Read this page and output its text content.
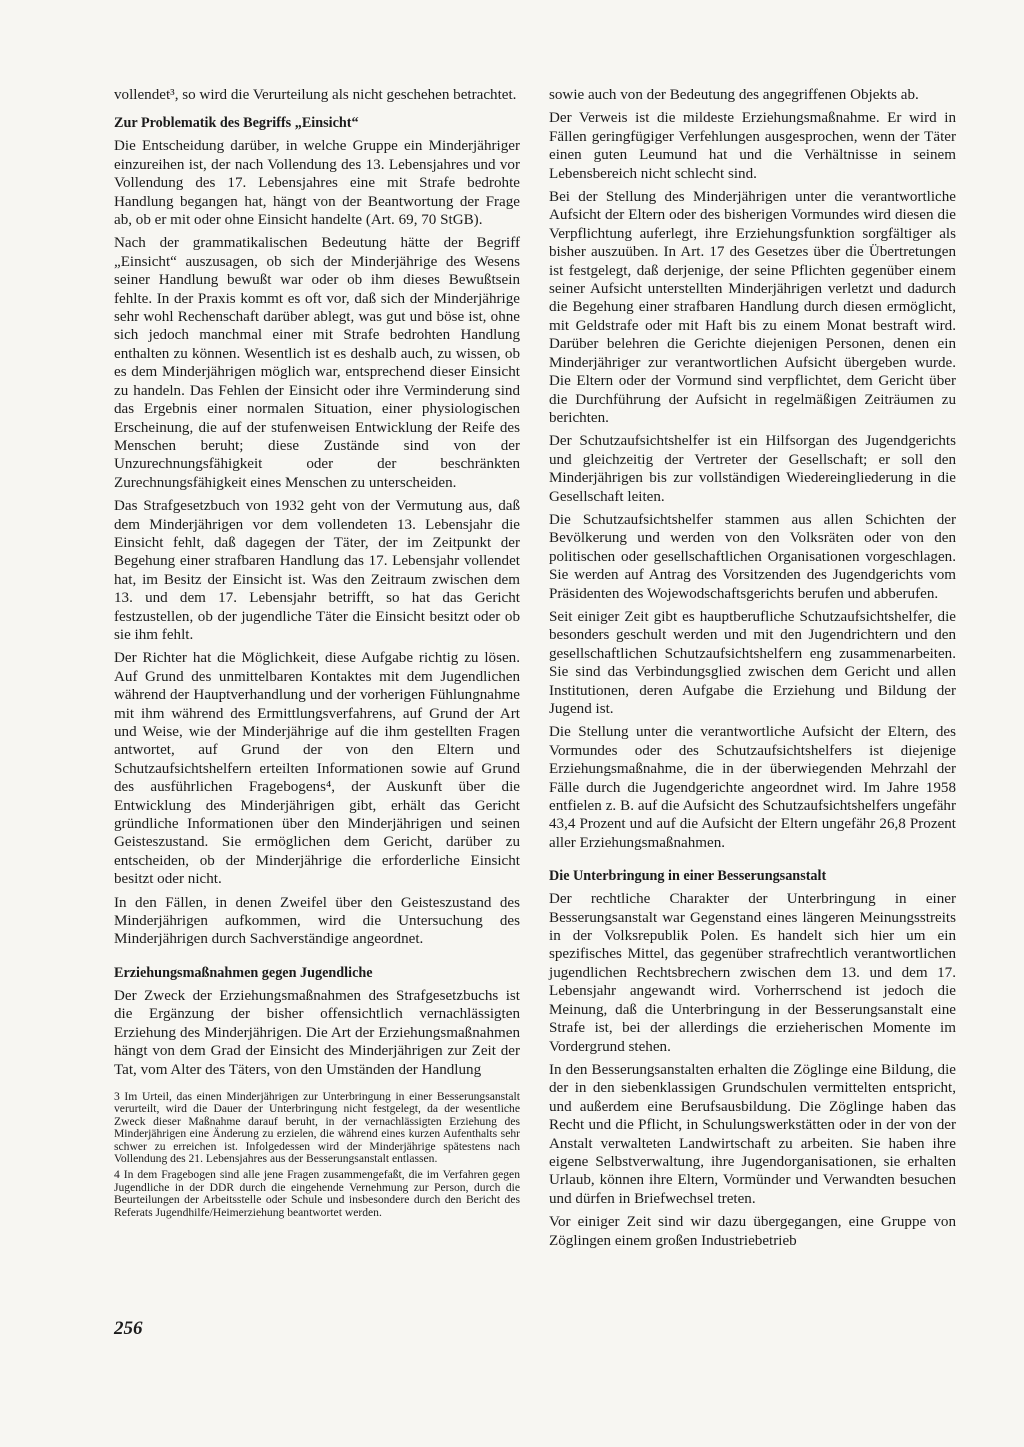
vollendet³, so wird die Verurteilung als nicht geschehen betrachtet.

Zur Problematik des Begriffs „Einsicht“

Die Entscheidung darüber, in welche Gruppe ein Minderjähriger einzureihen ist, der nach Vollendung des 13. Lebensjahres und vor Vollendung des 17. Lebensjahres eine mit Strafe bedrohte Handlung begangen hat, hängt von der Beantwortung der Frage ab, ob er mit oder ohne Einsicht handelte (Art. 69, 70 StGB).

Nach der grammatikalischen Bedeutung hätte der Begriff „Einsicht“ auszusagen, ob sich der Minderjährige des Wesens seiner Handlung bewußt war oder ob ihm dieses Bewußtsein fehlte. In der Praxis kommt es oft vor, daß sich der Minderjährige sehr wohl Rechenschaft darüber ablegt, was gut und böse ist, ohne sich jedoch manchmal einer mit Strafe bedrohten Handlung enthalten zu können. Wesentlich ist es deshalb auch, zu wissen, ob es dem Minderjährigen möglich war, entsprechend dieser Einsicht zu handeln. Das Fehlen der Einsicht oder ihre Verminderung sind das Ergebnis einer normalen Situation, einer physiologischen Erscheinung, die auf der stufenweisen Entwicklung der Reife des Menschen beruht; diese Zustände sind von der Unzurechnungsfähigkeit oder der beschränkten Zurechnungsfähigkeit eines Menschen zu unterscheiden.

Das Strafgesetzbuch von 1932 geht von der Vermutung aus, daß dem Minderjährigen vor dem vollendeten 13. Lebensjahr die Einsicht fehlt, daß dagegen der Täter, der im Zeitpunkt der Begehung einer strafbaren Handlung das 17. Lebensjahr vollendet hat, im Besitz der Einsicht ist. Was den Zeitraum zwischen dem 13. und dem 17. Lebensjahr betrifft, so hat das Gericht festzustellen, ob der jugendliche Täter die Einsicht besitzt oder ob sie ihm fehlt.

Der Richter hat die Möglichkeit, diese Aufgabe richtig zu lösen. Auf Grund des unmittelbaren Kontaktes mit dem Jugendlichen während der Hauptverhandlung und der vorherigen Fühlungnahme mit ihm während des Ermittlungsverfahrens, auf Grund der Art und Weise, wie der Minderjährige auf die ihm gestellten Fragen antwortet, auf Grund der von den Eltern und Schutzaufsichtshelfern erteilten Informationen sowie auf Grund des ausführlichen Fragebogens⁴, der Auskunft über die Entwicklung des Minderjährigen gibt, erhält das Gericht gründliche Informationen über den Minderjährigen und seinen Geisteszustand. Sie ermöglichen dem Gericht, darüber zu entscheiden, ob der Minderjährige die erforderliche Einsicht besitzt oder nicht.

In den Fällen, in denen Zweifel über den Geisteszustand des Minderjährigen aufkommen, wird die Untersuchung des Minderjährigen durch Sachverständige angeordnet.

Erziehungsmaßnahmen gegen Jugendliche

Der Zweck der Erziehungsmaßnahmen des Strafgesetzbuchs ist die Ergänzung der bisher offensichtlich vernachlässigten Erziehung des Minderjährigen. Die Art der Erziehungsmaßnahmen hängt von dem Grad der Einsicht des Minderjährigen zur Zeit der Tat, vom Alter des Täters, von den Umständen der Handlung

3 Im Urteil, das einen Minderjährigen zur Unterbringung in einer Besserungsanstalt verurteilt, wird die Dauer der Unterbringung nicht festgelegt, da der wesentliche Zweck dieser Maßnahme darauf beruht, in der vernachlässigten Erziehung des Minderjährigen eine Änderung zu erzielen, die während eines kurzen Aufenthalts sehr schwer zu erreichen ist. Infolgedessen wird der Minderjährige spätestens nach Vollendung des 21. Lebensjahres aus der Besserungsanstalt entlassen.

4 In dem Fragebogen sind alle jene Fragen zusammengefaßt, die im Verfahren gegen Jugendliche in der DDR durch die eingehende Vernehmung zur Person, durch die Beurteilungen der Arbeitsstelle oder Schule und insbesondere durch den Bericht des Referats Jugendhilfe/Heimerziehung beantwortet werden.

sowie auch von der Bedeutung des angegriffenen Objekts ab.

Der Verweis ist die mildeste Erziehungsmaßnahme. Er wird in Fällen geringfügiger Verfehlungen ausgesprochen, wenn der Täter einen guten Leumund hat und die Verhältnisse in seinem Lebensbereich nicht schlecht sind.

Bei der Stellung des Minderjährigen unter die verantwortliche Aufsicht der Eltern oder des bisherigen Vormundes wird diesen die Verpflichtung auferlegt, ihre Erziehungsfunktion sorgfältiger als bisher auszuüben. In Art. 17 des Gesetzes über die Übertretungen ist festgelegt, daß derjenige, der seine Pflichten gegenüber einem seiner Aufsicht unterstellten Minderjährigen verletzt und dadurch die Begehung einer strafbaren Handlung durch diesen ermöglicht, mit Geldstrafe oder mit Haft bis zu einem Monat bestraft wird. Darüber belehren die Gerichte diejenigen Personen, denen ein Minderjähriger zur verantwortlichen Aufsicht übergeben wurde. Die Eltern oder der Vormund sind verpflichtet, dem Gericht über die Durchführung der Aufsicht in regelmäßigen Zeiträumen zu berichten.

Der Schutzaufsichtshelfer ist ein Hilfsorgan des Jugendgerichts und gleichzeitig der Vertreter der Gesellschaft; er soll den Minderjährigen bis zur vollständigen Wiedereingliederung in die Gesellschaft leiten.

Die Schutzaufsichtshelfer stammen aus allen Schichten der Bevölkerung und werden von den Volksräten oder von den politischen oder gesellschaftlichen Organisationen vorgeschlagen. Sie werden auf Antrag des Vorsitzenden des Jugendgerichts vom Präsidenten des Wojewodschaftsgerichts berufen und abberufen.

Seit einiger Zeit gibt es hauptberufliche Schutzaufsichtshelfer, die besonders geschult werden und mit den Jugendrichtern und den gesellschaftlichen Schutzaufsichtshelfern eng zusammenarbeiten. Sie sind das Verbindungsglied zwischen dem Gericht und allen Institutionen, deren Aufgabe die Erziehung und Bildung der Jugend ist.

Die Stellung unter die verantwortliche Aufsicht der Eltern, des Vormundes oder des Schutzaufsichtshelfers ist diejenige Erziehungsmaßnahme, die in der überwiegenden Mehrzahl der Fälle durch die Jugendgerichte angeordnet wird. Im Jahre 1958 entfielen z. B. auf die Aufsicht des Schutzaufsichtshelfers ungefähr 43,4 Prozent und auf die Aufsicht der Eltern ungefähr 26,8 Prozent aller Erziehungsmaßnahmen.

Die Unterbringung in einer Besserungsanstalt

Der rechtliche Charakter der Unterbringung in einer Besserungsanstalt war Gegenstand eines längeren Meinungsstreits in der Volksrepublik Polen. Es handelt sich hier um ein spezifisches Mittel, das gegenüber strafrechtlich verantwortlichen jugendlichen Rechtsbrechern zwischen dem 13. und dem 17. Lebensjahr angewandt wird. Vorherrschend ist jedoch die Meinung, daß die Unterbringung in der Besserungsanstalt eine Strafe ist, bei der allerdings die erzieherischen Momente im Vordergrund stehen.

In den Besserungsanstalten erhalten die Zöglinge eine Bildung, die der in den siebenklassigen Grundschulen vermittelten entspricht, und außerdem eine Berufsausbildung. Die Zöglinge haben das Recht und die Pflicht, in Schulungswerkstätten oder in der von der Anstalt verwalteten Landwirtschaft zu arbeiten. Sie haben ihre eigene Selbstverwaltung, ihre Jugendorganisationen, sie erhalten Urlaub, können ihre Eltern, Vormünder und Verwandten besuchen und dürfen in Briefwechsel treten.

Vor einiger Zeit sind wir dazu übergegangen, eine Gruppe von Zöglingen einem großen Industriebetrieb

256
